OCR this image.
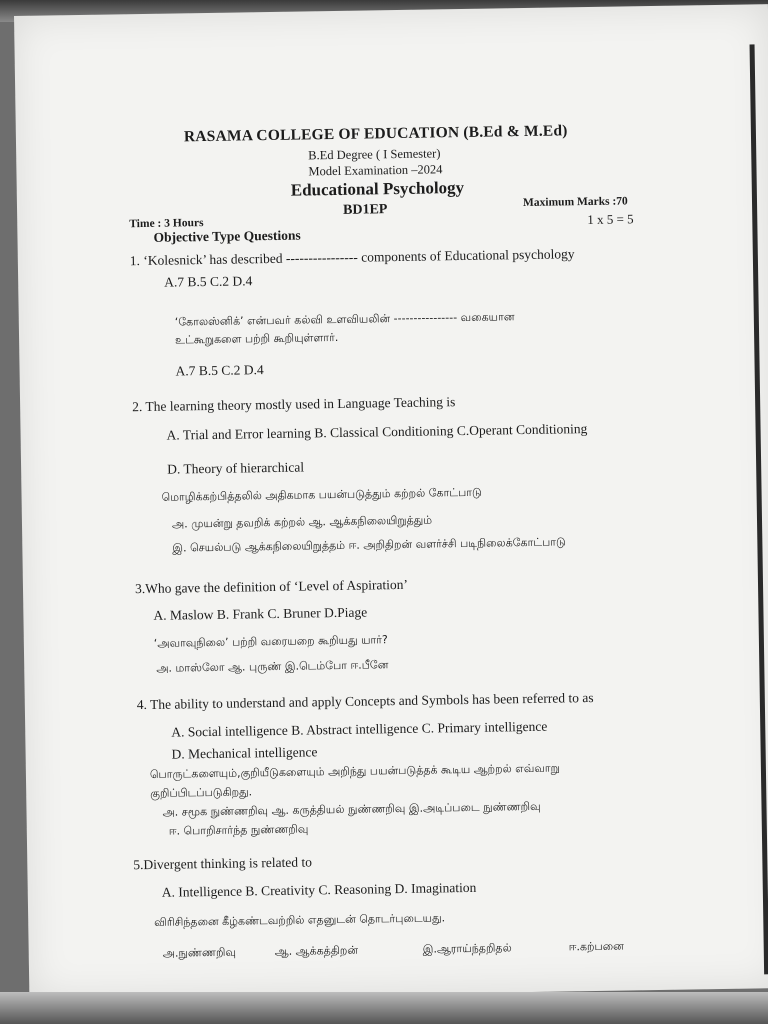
RASAMA COLLEGE OF EDUCATION (B.Ed & M.Ed)
B.Ed Degree ( I Semester)
Model Examination –2024
Educational Psychology
BD1EP
Time : 3 Hours
Maximum Marks :70
1 x 5 = 5
Objective Type Questions
1. ‘Kolesnick’ has described ---------------- components of Educational psychology
A.7 B.5 C.2 D.4
‘கோலஸ்னிக்’ என்பவர் கல்வி உளவியலின் ---------------- வகையான
உட்கூறுகளை பற்றி கூறியுள்ளார்.
A.7 B.5 C.2 D.4
2. The learning theory mostly used in Language Teaching is
A. Trial and Error learning B. Classical Conditioning C.Operant Conditioning
D. Theory of hierarchical
மொழிக்கற்பித்தலில் அதிகமாக பயன்படுத்தும் கற்றல் கோட்பாடு
அ. முயன்று தவறிக் கற்றல் ஆ. ஆக்கநிலையிறுத்தும்
இ. செயல்படு ஆக்கநிலையிறுத்தம் ஈ. அறிதிறன் வளர்ச்சி படிநிலைக்கோட்பாடு
3.Who gave the definition of ‘Level of Aspiration’
A. Maslow B. Frank C. Bruner D.Piage
‘அவாவுநிலை’ பற்றி வரையறை கூறியது யார்?
அ. மாஸ்லோ ஆ. புருண் இ.டெம்போ ஈ.பீனே
4. The ability to understand and apply Concepts and Symbols has been referred to as
A. Social intelligence B. Abstract intelligence C. Primary intelligence
D. Mechanical intelligence
பொருட்களையும்,குறியீடுகளையும் அறிந்து பயன்படுத்தக் கூடிய ஆற்றல் எவ்வாறு
குறிப்பிடப்படுகிறது.
அ. சமூக நுண்ணறிவு ஆ. கருத்தியல் நுண்ணறிவு இ.அடிப்படை நுண்ணறிவு
ஈ. பொறிசார்ந்த நுண்ணறிவு
5.Divergent thinking is related to
A. Intelligence B. Creativity C. Reasoning D. Imagination
விரிசிந்தனை கீழ்கண்டவற்றில் எதனுடன் தொடர்புடையது.
அ.நுண்ணறிவு	ஆ. ஆக்கத்திறன்	இ.ஆராய்ந்தறிதல்	ஈ.கற்பனை
